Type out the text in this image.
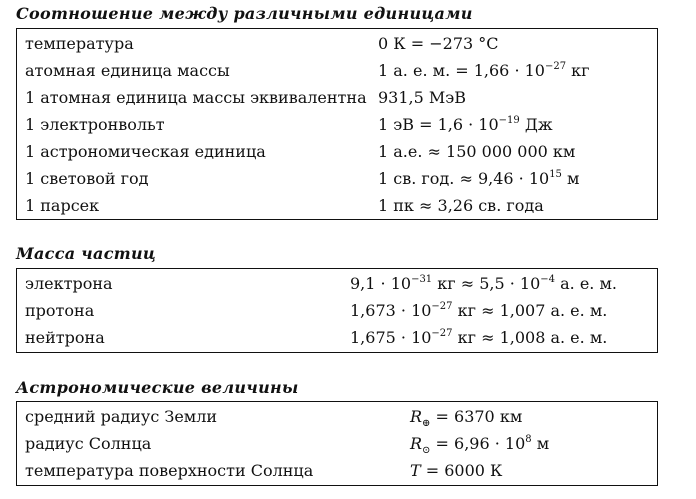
Соотношение между различными единицами
температура	0 К = −273 °C
атомная единица массы	1 а. е. м. = $1,66 \cdot 10^{-27}$ кг
1 атомная единица массы эквивалентна 931,5 МэВ
1 электронвольт	1 эВ = $1,6 \cdot 10^{-19}$ Дж
1 астрономическая единица	1 а.е. ≈ 150 000 000 км
1 световой год	1 св. год. ≈ $9,46 \cdot 10^{15}$ м
1 парсек	1 пк ≈ 3,26 св. года
Масса частиц
электрона	$9,1 \cdot 10^{-31}$ кг ≈ $5,5 \cdot 10^{-4}$ а. е. м.
протона	$1,673 \cdot 10^{-27}$ кг ≈ 1,007 а. е. м.
нейтрона	$1,675 \cdot 10^{-27}$ кг ≈ 1,008 а. е. м.
Астрономические величины
средний радиус Земли	$R_\oplus = 6370$ км
радиус Солнца	$R_⊙ = 6,96 \cdot 10^8$ м
температура поверхности Солнца	T = 6000 К
